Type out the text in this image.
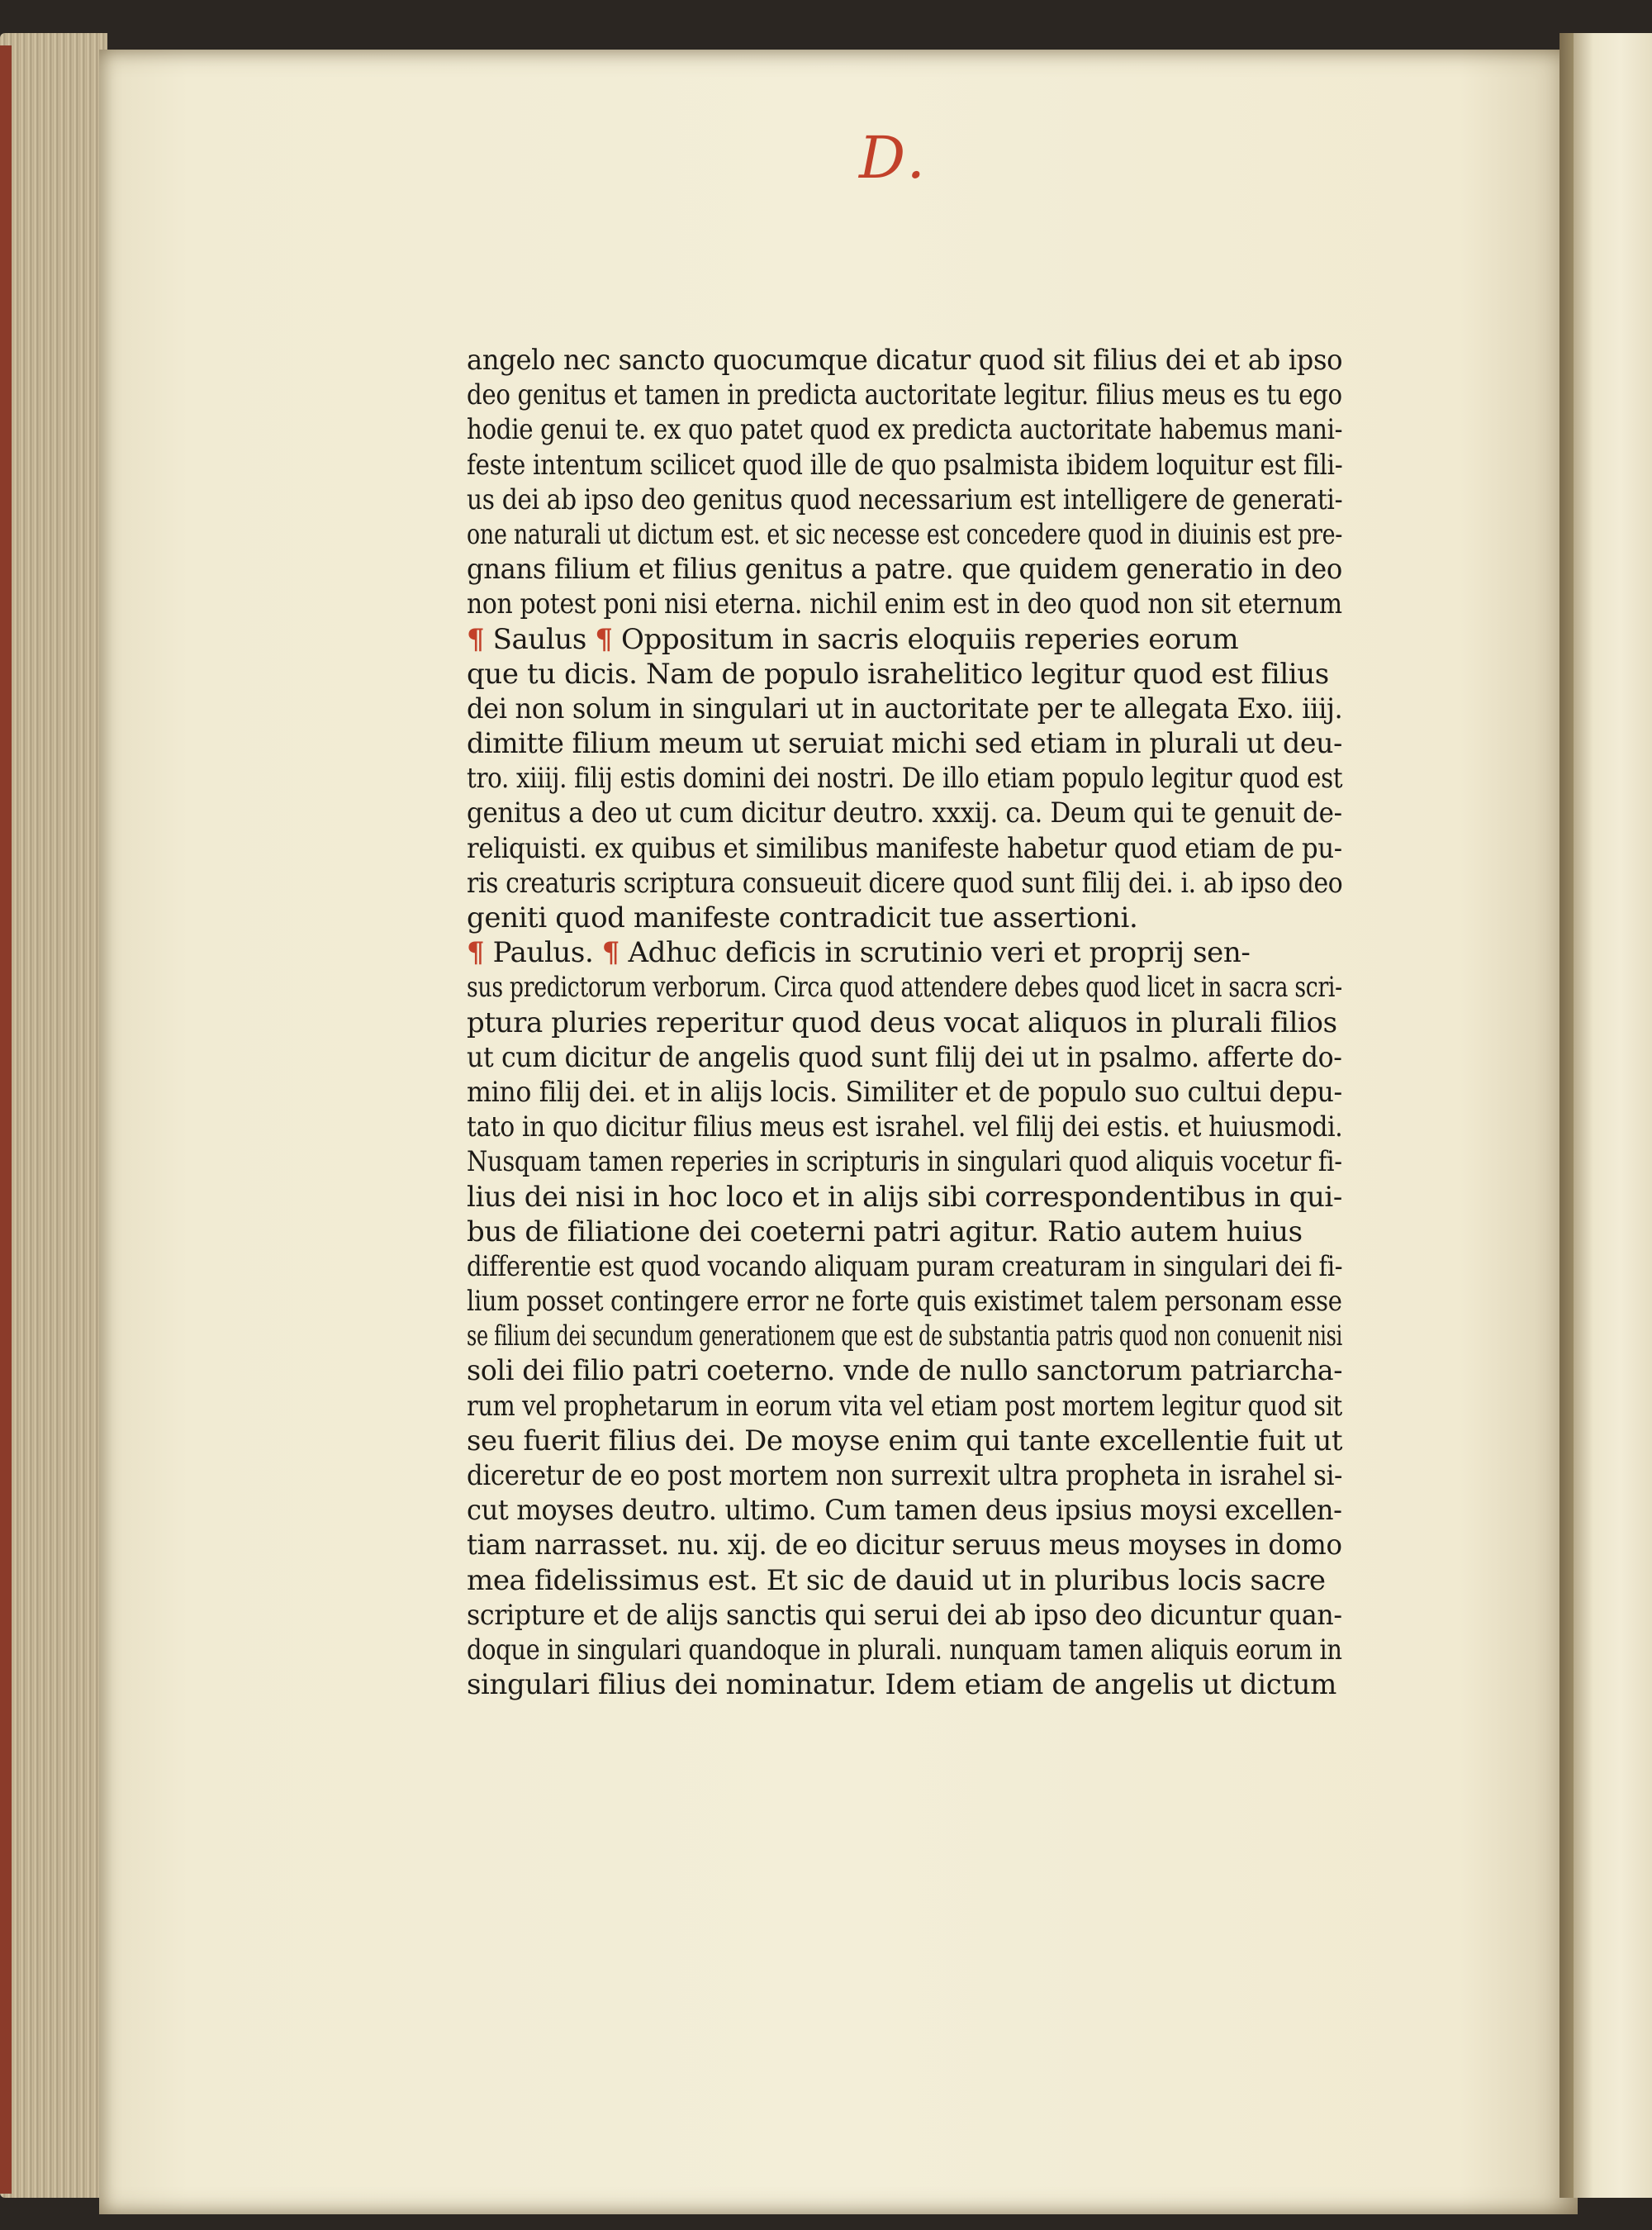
D.
angelo nec sancto quocumque dicatur quod sit filius dei et ab ipso
deo genitus et tamen in predicta auctoritate legitur. filius meus es tu ego
hodie genui te. ex quo patet quod ex predicta auctoritate habemus mani-
feste intentum scilicet quod ille de quo psalmista ibidem loquitur est fili-
us dei ab ipso deo genitus quod necessarium est intelligere de generati-
one naturali ut dictum est. et sic necesse est concedere quod in diuinis est pre-
gnans filium et filius genitus a patre. que quidem generatio in deo
non potest poni nisi eterna. nichil enim est in deo quod non sit eternum
¶ Saulus ¶ Oppositum in sacris eloquiis reperies eorum
que tu dicis. Nam de populo israhelitico legitur quod est filius
dei non solum in singulari ut in auctoritate per te allegata Exo. iiij.
dimitte filium meum ut seruiat michi sed etiam in plurali ut deu-
tro. xiiij. filij estis domini dei nostri. De illo etiam populo legitur quod est
genitus a deo ut cum dicitur deutro. xxxij. ca. Deum qui te genuit de-
reliquisti. ex quibus et similibus manifeste habetur quod etiam de pu-
ris creaturis scriptura consueuit dicere quod sunt filij dei. i. ab ipso deo
geniti quod manifeste contradicit tue assertioni.
¶ Paulus. ¶ Adhuc deficis in scrutinio veri et proprij sen-
sus predictorum verborum. Circa quod attendere debes quod licet in sacra scri-
ptura pluries reperitur quod deus vocat aliquos in plurali filios
ut cum dicitur de angelis quod sunt filij dei ut in psalmo. afferte do-
mino filij dei. et in alijs locis. Similiter et de populo suo cultui depu-
tato in quo dicitur filius meus est israhel. vel filij dei estis. et huiusmodi.
Nusquam tamen reperies in scripturis in singulari quod aliquis vocetur fi-
lius dei nisi in hoc loco et in alijs sibi correspondentibus in qui-
bus de filiatione dei coeterni patri agitur. Ratio autem huius
differentie est quod vocando aliquam puram creaturam in singulari dei fi-
lium posset contingere error ne forte quis existimet talem personam esse
se filium dei secundum generationem que est de substantia patris quod non conuenit nisi
soli dei filio patri coeterno. vnde de nullo sanctorum patriarcha-
rum vel prophetarum in eorum vita vel etiam post mortem legitur quod sit
seu fuerit filius dei. De moyse enim qui tante excellentie fuit ut
diceretur de eo post mortem non surrexit ultra propheta in israhel si-
cut moyses deutro. ultimo. Cum tamen deus ipsius moysi excellen-
tiam narrasset. nu. xij. de eo dicitur seruus meus moyses in domo
mea fidelissimus est. Et sic de dauid ut in pluribus locis sacre
scripture et de alijs sanctis qui serui dei ab ipso deo dicuntur quan-
doque in singulari quandoque in plurali. nunquam tamen aliquis eorum in
singulari filius dei nominatur. Idem etiam de angelis ut dictum
